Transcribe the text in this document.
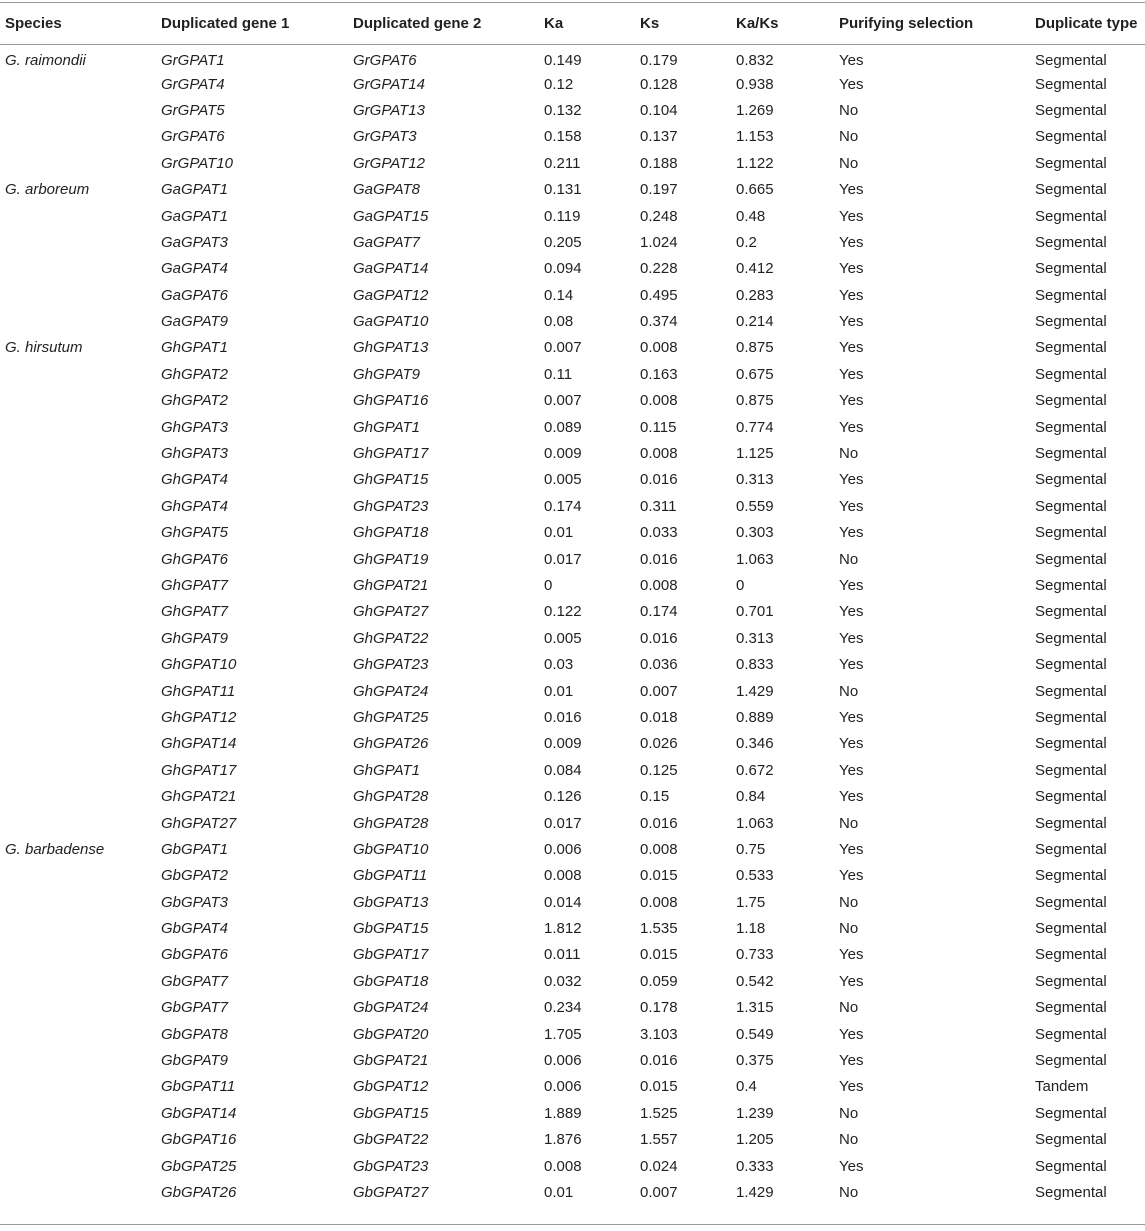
Species	Duplicated gene 1	Duplicated gene 2	Ka	Ks	Ka/Ks	Purifying selection	Duplicate type
G. raimondii	GrGPAT1	GrGPAT6	0.149	0.179	0.832	Yes	Segmental
	GrGPAT4	GrGPAT14	0.12	0.128	0.938	Yes	Segmental
	GrGPAT5	GrGPAT13	0.132	0.104	1.269	No	Segmental
	GrGPAT6	GrGPAT3	0.158	0.137	1.153	No	Segmental
	GrGPAT10	GrGPAT12	0.211	0.188	1.122	No	Segmental
G. arboreum	GaGPAT1	GaGPAT8	0.131	0.197	0.665	Yes	Segmental
	GaGPAT1	GaGPAT15	0.119	0.248	0.48	Yes	Segmental
	GaGPAT3	GaGPAT7	0.205	1.024	0.2	Yes	Segmental
	GaGPAT4	GaGPAT14	0.094	0.228	0.412	Yes	Segmental
	GaGPAT6	GaGPAT12	0.14	0.495	0.283	Yes	Segmental
	GaGPAT9	GaGPAT10	0.08	0.374	0.214	Yes	Segmental
G. hirsutum	GhGPAT1	GhGPAT13	0.007	0.008	0.875	Yes	Segmental
	GhGPAT2	GhGPAT9	0.11	0.163	0.675	Yes	Segmental
	GhGPAT2	GhGPAT16	0.007	0.008	0.875	Yes	Segmental
	GhGPAT3	GhGPAT1	0.089	0.115	0.774	Yes	Segmental
	GhGPAT3	GhGPAT17	0.009	0.008	1.125	No	Segmental
	GhGPAT4	GhGPAT15	0.005	0.016	0.313	Yes	Segmental
	GhGPAT4	GhGPAT23	0.174	0.311	0.559	Yes	Segmental
	GhGPAT5	GhGPAT18	0.01	0.033	0.303	Yes	Segmental
	GhGPAT6	GhGPAT19	0.017	0.016	1.063	No	Segmental
	GhGPAT7	GhGPAT21	0	0.008	0	Yes	Segmental
	GhGPAT7	GhGPAT27	0.122	0.174	0.701	Yes	Segmental
	GhGPAT9	GhGPAT22	0.005	0.016	0.313	Yes	Segmental
	GhGPAT10	GhGPAT23	0.03	0.036	0.833	Yes	Segmental
	GhGPAT11	GhGPAT24	0.01	0.007	1.429	No	Segmental
	GhGPAT12	GhGPAT25	0.016	0.018	0.889	Yes	Segmental
	GhGPAT14	GhGPAT26	0.009	0.026	0.346	Yes	Segmental
	GhGPAT17	GhGPAT1	0.084	0.125	0.672	Yes	Segmental
	GhGPAT21	GhGPAT28	0.126	0.15	0.84	Yes	Segmental
	GhGPAT27	GhGPAT28	0.017	0.016	1.063	No	Segmental
G. barbadense	GbGPAT1	GbGPAT10	0.006	0.008	0.75	Yes	Segmental
	GbGPAT2	GbGPAT11	0.008	0.015	0.533	Yes	Segmental
	GbGPAT3	GbGPAT13	0.014	0.008	1.75	No	Segmental
	GbGPAT4	GbGPAT15	1.812	1.535	1.18	No	Segmental
	GbGPAT6	GbGPAT17	0.011	0.015	0.733	Yes	Segmental
	GbGPAT7	GbGPAT18	0.032	0.059	0.542	Yes	Segmental
	GbGPAT7	GbGPAT24	0.234	0.178	1.315	No	Segmental
	GbGPAT8	GbGPAT20	1.705	3.103	0.549	Yes	Segmental
	GbGPAT9	GbGPAT21	0.006	0.016	0.375	Yes	Segmental
	GbGPAT11	GbGPAT12	0.006	0.015	0.4	Yes	Tandem
	GbGPAT14	GbGPAT15	1.889	1.525	1.239	No	Segmental
	GbGPAT16	GbGPAT22	1.876	1.557	1.205	No	Segmental
	GbGPAT25	GbGPAT23	0.008	0.024	0.333	Yes	Segmental
	GbGPAT26	GbGPAT27	0.01	0.007	1.429	No	Segmental
